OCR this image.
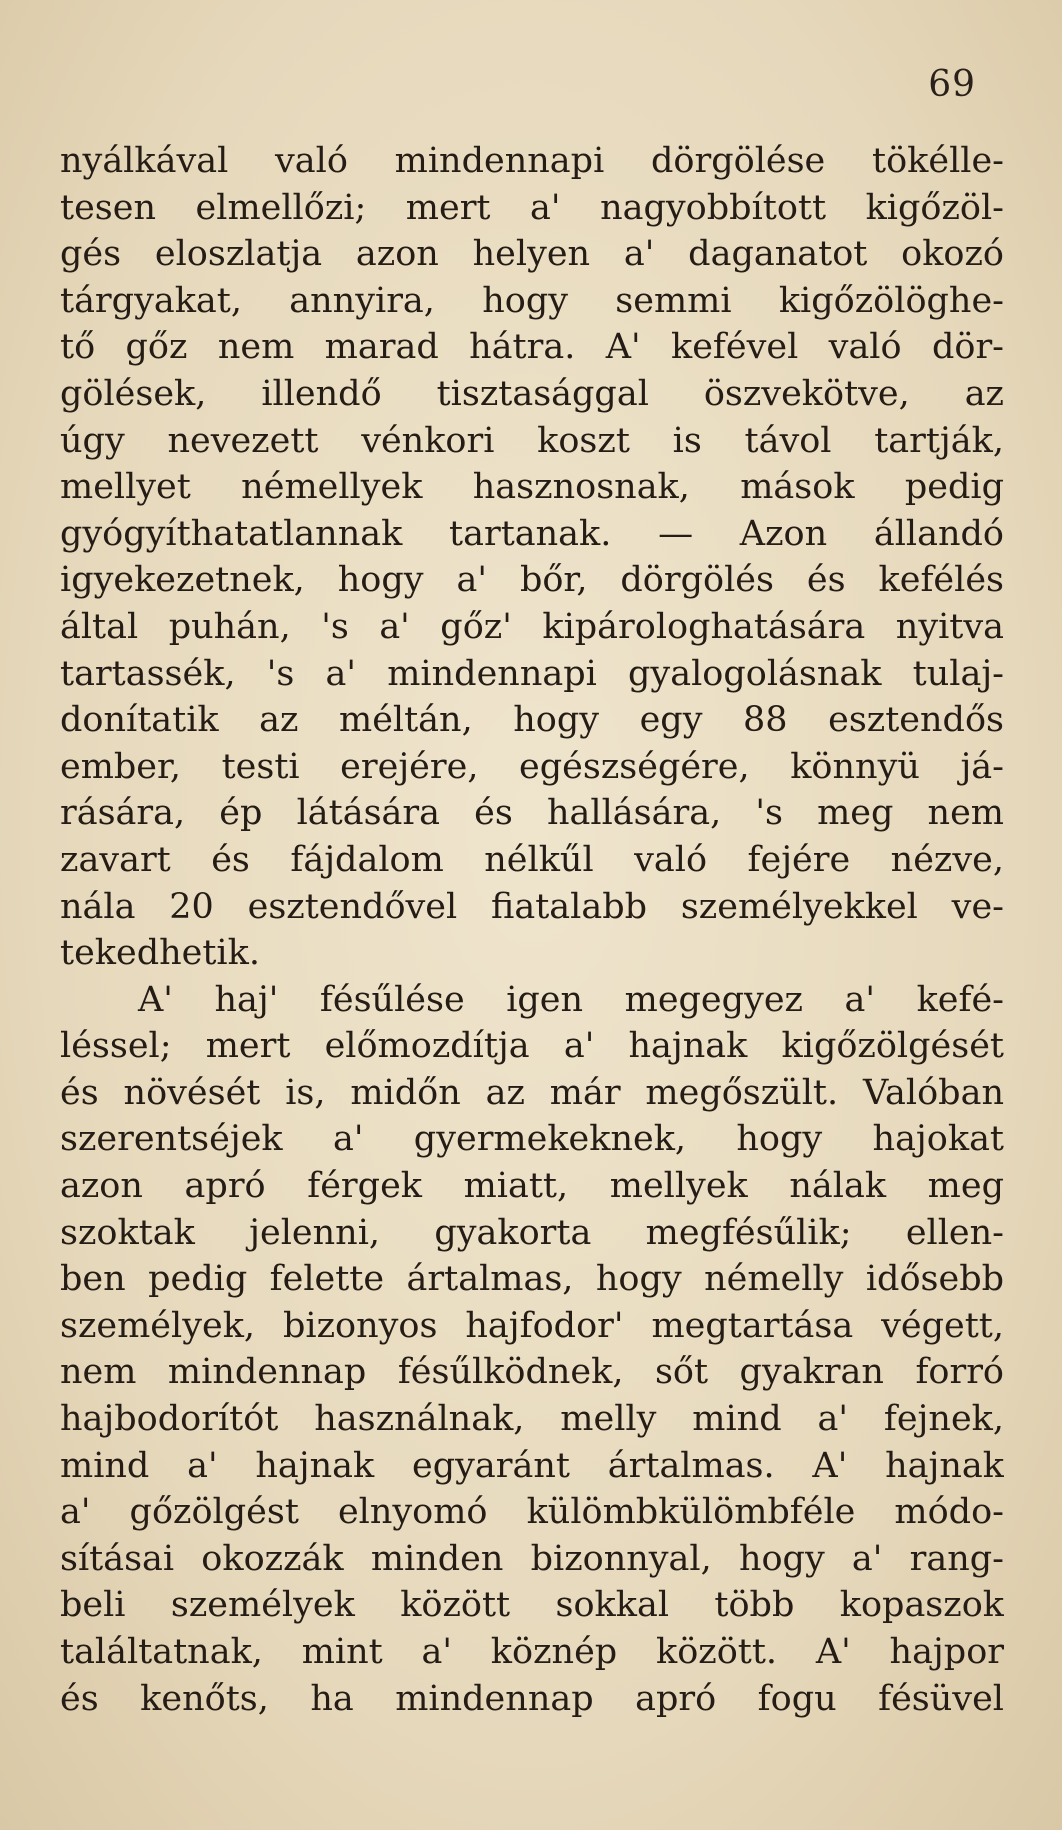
69
nyálkával való mindennapi dörgölése tökélle-
tesen elmellőzi; mert a' nagyobbított kigőzöl-
gés eloszlatja azon helyen a' daganatot okozó
tárgyakat, annyira, hogy semmi kigőzölöghe-
tő gőz nem marad hátra. A' kefével való dör-
gölések, illendő tisztasággal öszvekötve, az
úgy nevezett vénkori koszt is távol tartják,
mellyet némellyek hasznosnak, mások pedig
gyógyíthatatlannak tartanak. — Azon állandó
igyekezetnek, hogy a' bőr, dörgölés és kefélés
által puhán, 's a' gőz' kipárologhatására nyitva
tartassék, 's a' mindennapi gyalogolásnak tulaj-
donítatik az méltán, hogy egy 88 esztendős
ember, testi erejére, egészségére, könnyü já-
rására, ép látására és hallására, 's meg nem
zavart és fájdalom nélkűl való fejére nézve,
nála 20 esztendővel fiatalabb személyekkel ve-
tekedhetik.
A' haj' fésűlése igen megegyez a' kefé-
léssel; mert előmozdítja a' hajnak kigőzölgését
és növését is, midőn az már megőszült. Valóban
szerentséjek a' gyermekeknek, hogy hajokat
azon apró férgek miatt, mellyek nálak meg
szoktak jelenni, gyakorta megfésűlik; ellen-
ben pedig felette ártalmas, hogy némelly idősebb
személyek, bizonyos hajfodor' megtartása végett,
nem mindennap fésűlködnek, sőt gyakran forró
hajbodorítót használnak, melly mind a' fejnek,
mind a' hajnak egyaránt ártalmas. A' hajnak
a' gőzölgést elnyomó külömbkülömbféle módo-
sításai okozzák minden bizonnyal, hogy a' rang-
beli személyek között sokkal több kopaszok
találtatnak, mint a' köznép között. A' hajpor
és kenőts, ha mindennap apró fogu fésüvel
